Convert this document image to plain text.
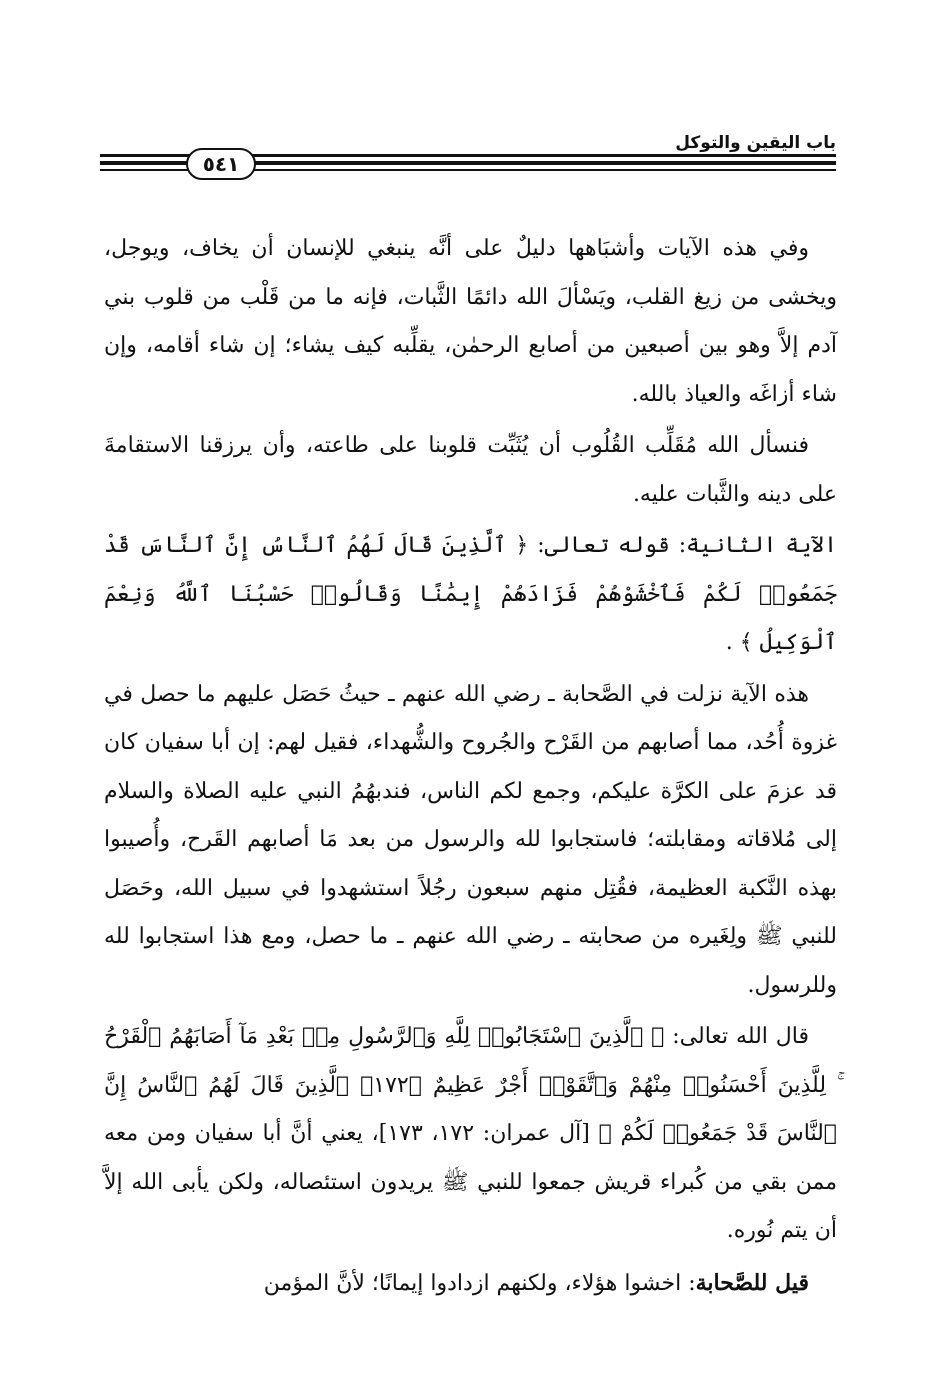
باب اليقين والتوكل
٥٤١

وفي هذه الآيات وأشبَاهها دليلٌ على أنَّه ينبغي للإنسان أن يخاف، ويوجل، ويخشى من زيغ القلب، ويَسْألَ الله دائمًا الثَّبات، فإنه ما من قَلْب من قلوب بني آدم إلاَّ وهو بين أصبعين من أصابع الرحمٰن، يقلِّبه كيف يشاء؛ إن شاء أقامه، وإن شاء أزاغَه والعياذ بالله.

فنسأل الله مُقَلِّب القُلُوب أن يُثَبِّت قلوبنا على طاعته، وأن يرزقنا الاستقامةَ على دينه والثَّبات عليه.

الآية الثانية: قوله تعالى: ﴿ ٱلَّذِينَ قَالَ لَهُمُ ٱلنَّاسُ إِنَّ ٱلنَّاسَ قَدْ جَمَعُوا۟ لَكُمْ فَٱخْشَوْهُمْ فَزَادَهُمْ إِيمَٰنًا وَقَالُوا۟ حَسْبُنَا ٱللَّهُ وَنِعْمَ ٱلْوَكِيلُ ﴾ .

هذه الآية نزلت في الصَّحابة ـ رضي الله عنهم ـ حيثُ حَصَل عليهم ما حصل في غزوة أُحُد، مما أصابهم من القَرْح والجُروح والشُّهداء، فقيل لهم: إن أبا سفيان كان قد عزمَ على الكرَّة عليكم، وجمع لكم الناس، فندبهُمُ النبي عليه الصلاة والسلام إلى مُلاقاته ومقابلته؛ فاستجابوا لله والرسول من بعد مَا أصابهم القَرح، وأُصيبوا بهذه النَّكبة العظيمة، فقُتِل منهم سبعون رجُلاً استشهدوا في سبيل الله، وحَصَل للنبي ﷺ ولِغَيره من صحابته ـ رضي الله عنهم ـ ما حصل، ومع هذا استجابوا لله وللرسول.

قال الله تعالى: ﴿ ٱلَّذِينَ ٱسْتَجَابُوا۟ لِلَّهِ وَٱلرَّسُولِ مِنۢ بَعْدِ مَآ أَصَابَهُمُ ٱلْقَرْحُ ۚ لِلَّذِينَ أَحْسَنُوا۟ مِنْهُمْ وَٱتَّقَوْا۟ أَجْرٌ عَظِيمٌ ﴿١٧٢﴾ ٱلَّذِينَ قَالَ لَهُمُ ٱلنَّاسُ إِنَّ ٱلنَّاسَ قَدْ جَمَعُوا۟ لَكُمْ ﴾ [آل عمران: ١٧٢، ١٧٣]، يعني أنَّ أبا سفيان ومن معه ممن بقي من كُبراء قريش جمعوا للنبي ﷺ يريدون استئصاله، ولكن يأبى الله إلاَّ أن يتم نُوره.

قيل للصَّحابة: اخشوا هؤلاء، ولكنهم ازدادوا إيمانًا؛ لأنَّ المؤمن
